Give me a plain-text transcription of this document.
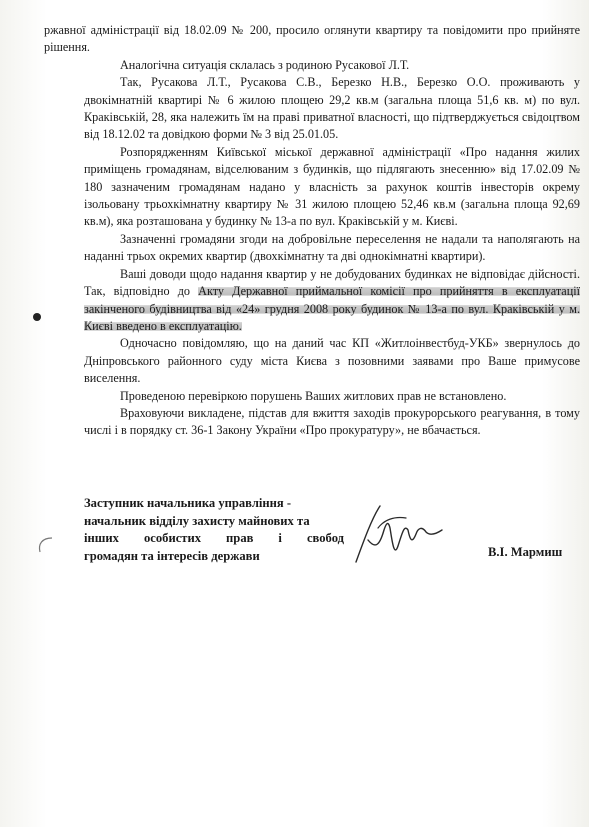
ржавної адміністрації від 18.02.09 № 200, просило оглянути квартиру та повідомити про прийняте рішення.

Аналогічна ситуація склалась з родиною Русакової Л.Т.

Так, Русакова Л.Т., Русакова С.В., Березко Н.В., Березко О.О. проживають у двокімнатній квартирі № 6 жилою площею 29,2 кв.м (загальна площа 51,6 кв. м) по вул. Краківській, 28, яка належить їм на праві приватної власності, що підтверджується свідоцтвом від 18.12.02 та довідкою форми № 3 від 25.01.05.

Розпорядженням Київської міської державної адміністрації «Про надання жилих приміщень громадянам, відселюваним з будинків, що підлягають знесенню» від 17.02.09 № 180 зазначеним громадянам надано у власність за рахунок коштів інвесторів окрему ізольовану трьохкімнатну квартиру № 31 жилою площею 52,46 кв.м (загальна площа 92,69 кв.м), яка розташована у будинку № 13-а по вул. Краківській у м. Києві.

Зазначенні громадяни згоди на добровільне переселення не надали та наполягають на наданні трьох окремих квартир (двохкімнатну та дві однокімнатні квартири).

Ваші доводи щодо надання квартир у не добудованих будинках не відповідає дійсності. Так, відповідно до Акту Державної приймальної комісії про прийняття в експлуатації закінченого будівництва від «24» грудня 2008 року будинок № 13-а по вул. Краківській у м. Києві введено в експлуатацію.

Одночасно повідомляю, що на даний час КП «Житлоінвестбуд-УКБ» звернулось до Дніпровського районного суду міста Києва з позовними заявами про Ваше примусове виселення.

Проведеною перевіркою порушень Ваших житлових прав не встановлено.

Враховуючи викладене, підстав для вжиття заходів прокурорського реагування, в тому числі і в порядку ст. 36-1 Закону України «Про прокуратуру», не вбачається.

Заступник начальника управління -
начальник відділу захисту майнових та
інших особистих прав і свобод
громадян та інтересів держави	В.І. Мармиш
